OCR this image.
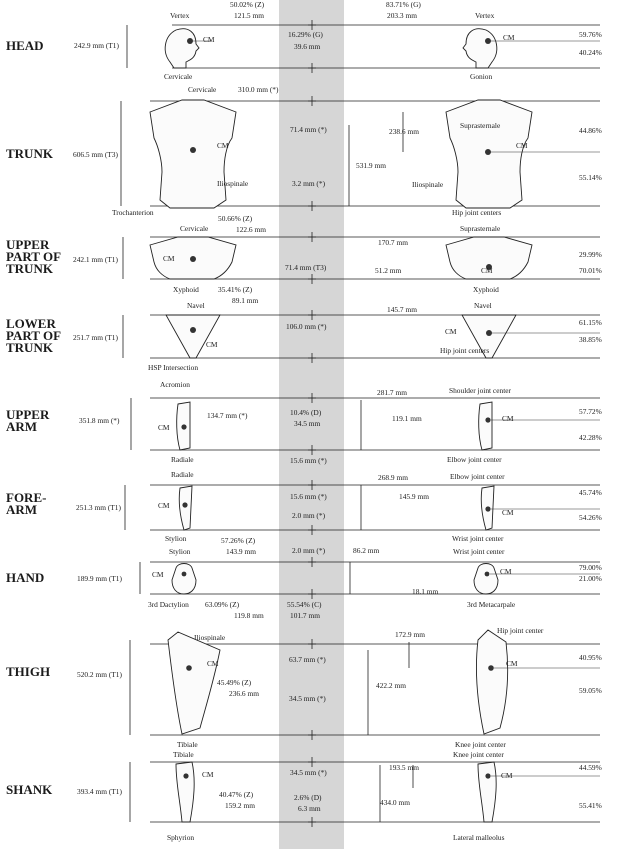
HEAD	242.9 mm (T1)
Vertex
50.02% (Z)
121.5 mm
CM
Cervicale
16.29% (G)
39.6 mm
83.71% (G)
203.3 mm	Vertex
CM
Gonion
59.76%
40.24%
TRUNK	606.5 mm (T3)
Cervicale	310.0 mm (*)
CM
Iliospinale
Trochanterion
71.4 mm (*)
3.2 mm (*)
531.9 mm
238.6 mm
CM
Suprasternale
Iliospinale
Hip joint centers
44.86%
55.14%
UPPER
PART OF
TRUNK
242.1 mm (T1)
Cervicale
50.66% (Z)
122.6 mm
CM
Xyphoid
71.4 mm (T3)
170.7 mm
51.2 mm
Suprasternale
CM
Xyphoid
29.99%
70.01%
LOWER
PART OF
TRUNK
251.7 mm (T1)
Navel
35.41% (Z)
89.1 mm
CM
HSP Intersection
106.0 mm (*)
145.7 mm	Navel
CM
Hip joint centers
61.15%
38.85%
UPPER
ARM
Acromion
351.8 mm (*)
CM
134.7 mm (*)
Radiale
10.4% (D)
34.5 mm
15.6 mm (*)
281.7 mm
119.1 mm
Shoulder joint center
CM
Elbow joint center
57.72%
42.28%
FORE-
ARM
Radiale
251.3 mm (T1)	CM
Stylion
15.6 mm (*)
2.0 mm (*)
268.9 mm
145.9 mm
Elbow joint center
CM
Wrist joint center
45.74%
54.26%
HAND
Stylion
57.26% (Z)
143.9 mm
189.9 mm (T1)	CM
3rd Dactylion 63.09% (Z)
119.8 mm
2.0 mm (*)
55.54% (C)
101.7 mm
86.2 mm
18.1 mm
Wrist joint center
CM
3rd Metacarpale
79.00%
21.00%
THIGH	520.2 mm (T1)
Iliospinale
CM
45.49% (Z)
236.6 mm
Tibiale
63.7 mm (*)
34.5 mm (*)
172.9 mm
422.2 mm
Hip joint center
CM
Knee joint center
40.95%
59.05%
SHANK
Tibiale
393.4 mm (T1)
CM
40.47% (Z)
159.2 mm
Sphyrion
34.5 mm (*)
2.6% (D)
6.3 mm
Knee joint center
193.5 mm
434.0 mm
CM
Lateral malleolus
44.59%
55.41%
